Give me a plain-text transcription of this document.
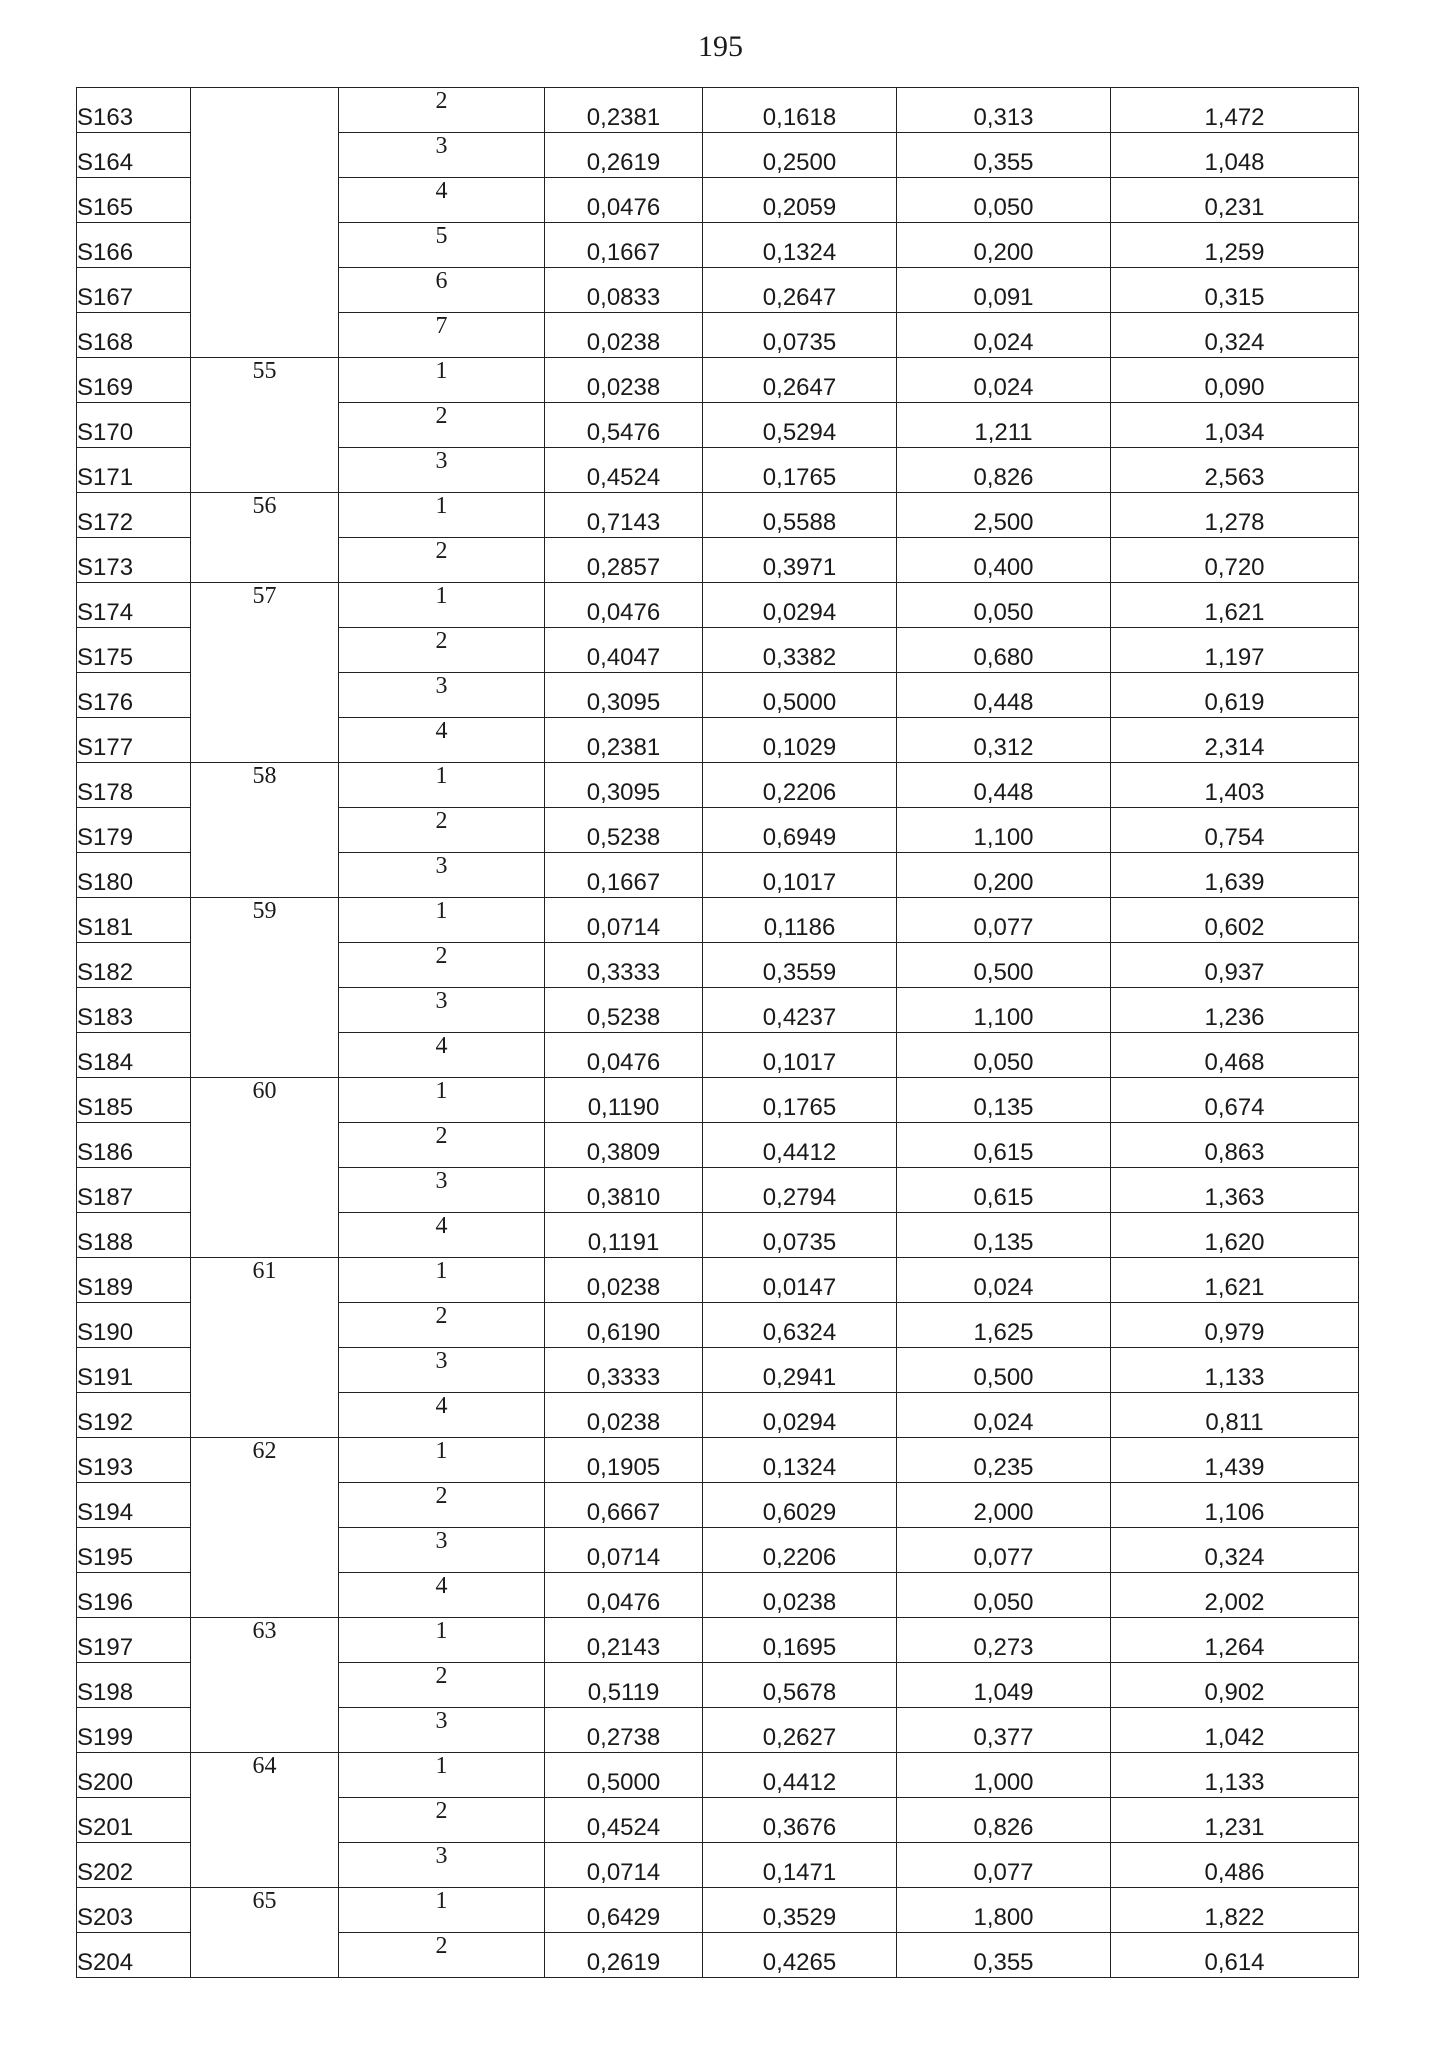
195
S163		2	0,2381	0,1618	0,313	1,472
S164		3	0,2619	0,2500	0,355	1,048
S165		4	0,0476	0,2059	0,050	0,231
S166		5	0,1667	0,1324	0,200	1,259
S167		6	0,0833	0,2647	0,091	0,315
S168		7	0,0238	0,0735	0,024	0,324
S169	55	1	0,0238	0,2647	0,024	0,090
S170		2	0,5476	0,5294	1,211	1,034
S171		3	0,4524	0,1765	0,826	2,563
S172	56	1	0,7143	0,5588	2,500	1,278
S173		2	0,2857	0,3971	0,400	0,720
S174	57	1	0,0476	0,0294	0,050	1,621
S175		2	0,4047	0,3382	0,680	1,197
S176		3	0,3095	0,5000	0,448	0,619
S177		4	0,2381	0,1029	0,312	2,314
S178	58	1	0,3095	0,2206	0,448	1,403
S179		2	0,5238	0,6949	1,100	0,754
S180		3	0,1667	0,1017	0,200	1,639
S181	59	1	0,0714	0,1186	0,077	0,602
S182		2	0,3333	0,3559	0,500	0,937
S183		3	0,5238	0,4237	1,100	1,236
S184		4	0,0476	0,1017	0,050	0,468
S185	60	1	0,1190	0,1765	0,135	0,674
S186		2	0,3809	0,4412	0,615	0,863
S187		3	0,3810	0,2794	0,615	1,363
S188		4	0,1191	0,0735	0,135	1,620
S189	61	1	0,0238	0,0147	0,024	1,621
S190		2	0,6190	0,6324	1,625	0,979
S191		3	0,3333	0,2941	0,500	1,133
S192		4	0,0238	0,0294	0,024	0,811
S193	62	1	0,1905	0,1324	0,235	1,439
S194		2	0,6667	0,6029	2,000	1,106
S195		3	0,0714	0,2206	0,077	0,324
S196		4	0,0476	0,0238	0,050	2,002
S197	63	1	0,2143	0,1695	0,273	1,264
S198		2	0,5119	0,5678	1,049	0,902
S199		3	0,2738	0,2627	0,377	1,042
S200	64	1	0,5000	0,4412	1,000	1,133
S201		2	0,4524	0,3676	0,826	1,231
S202		3	0,0714	0,1471	0,077	0,486
S203	65	1	0,6429	0,3529	1,800	1,822
S204		2	0,2619	0,4265	0,355	0,614
